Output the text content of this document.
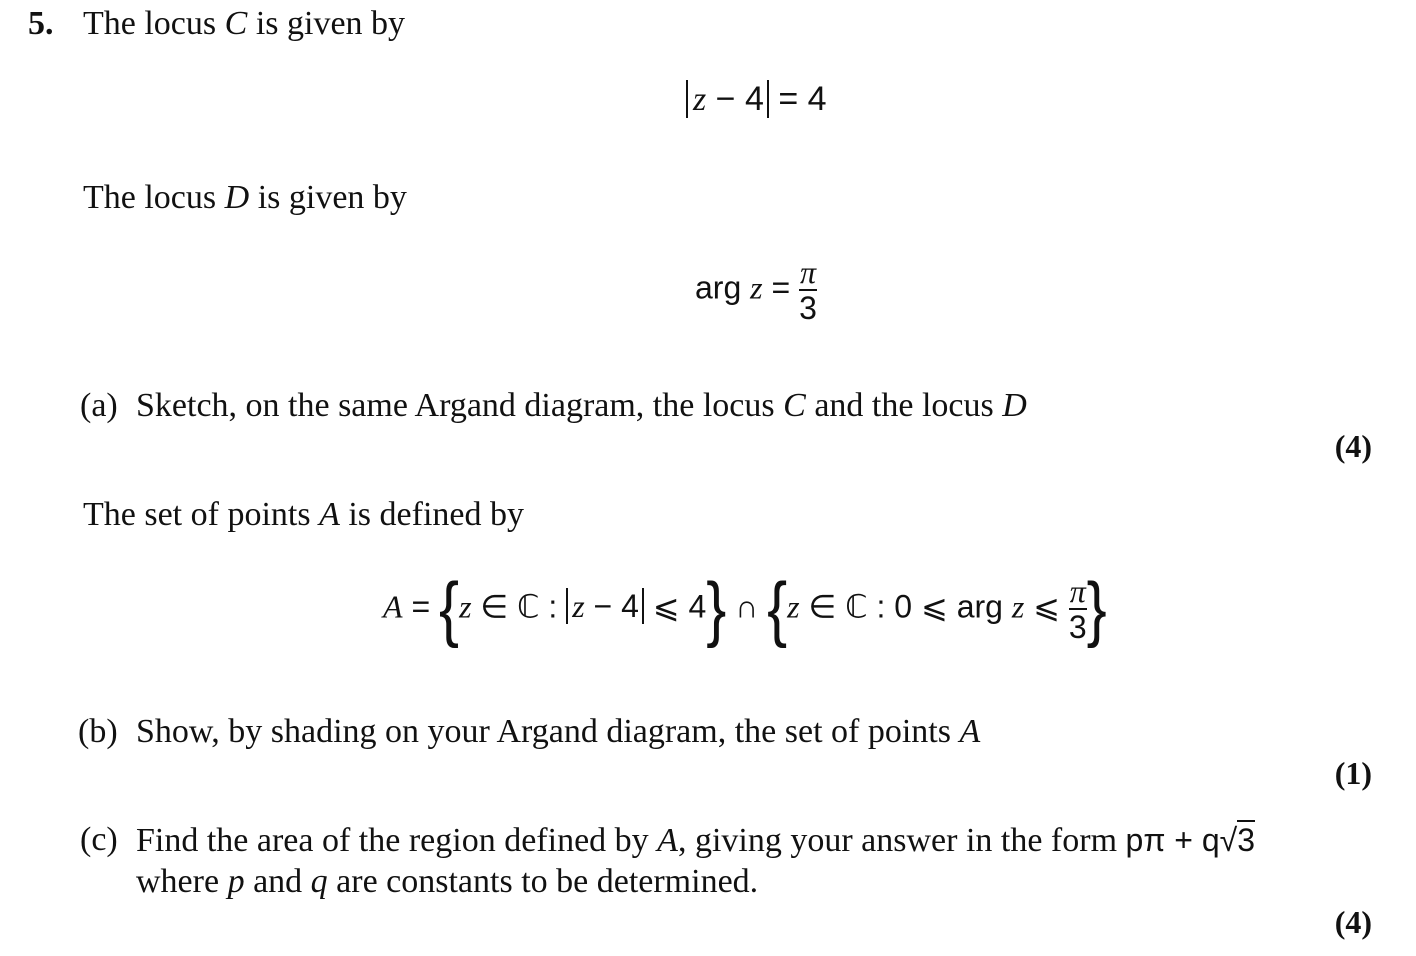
5. The locus C is given by
z − 4 = 4
The locus D is given by
arg $z = \frac{\pi}{3}$
(a) Sketch, on the same Argand diagram, the locus C and the locus D
(4)
The set of points A is defined by
A = {z ∈ ℂ : z − 4 ⩽ 4} ∩ {z ∈ ℂ : 0 ⩽ arg z ⩽ $\frac{\pi}{3}$ }
(b) Show, by shading on your Argand diagram, the set of points A
(1)
(c) Find the area of the region defined by A, giving your answer in the form pπ + q√3
where p and q are constants to be determined.
(4)
